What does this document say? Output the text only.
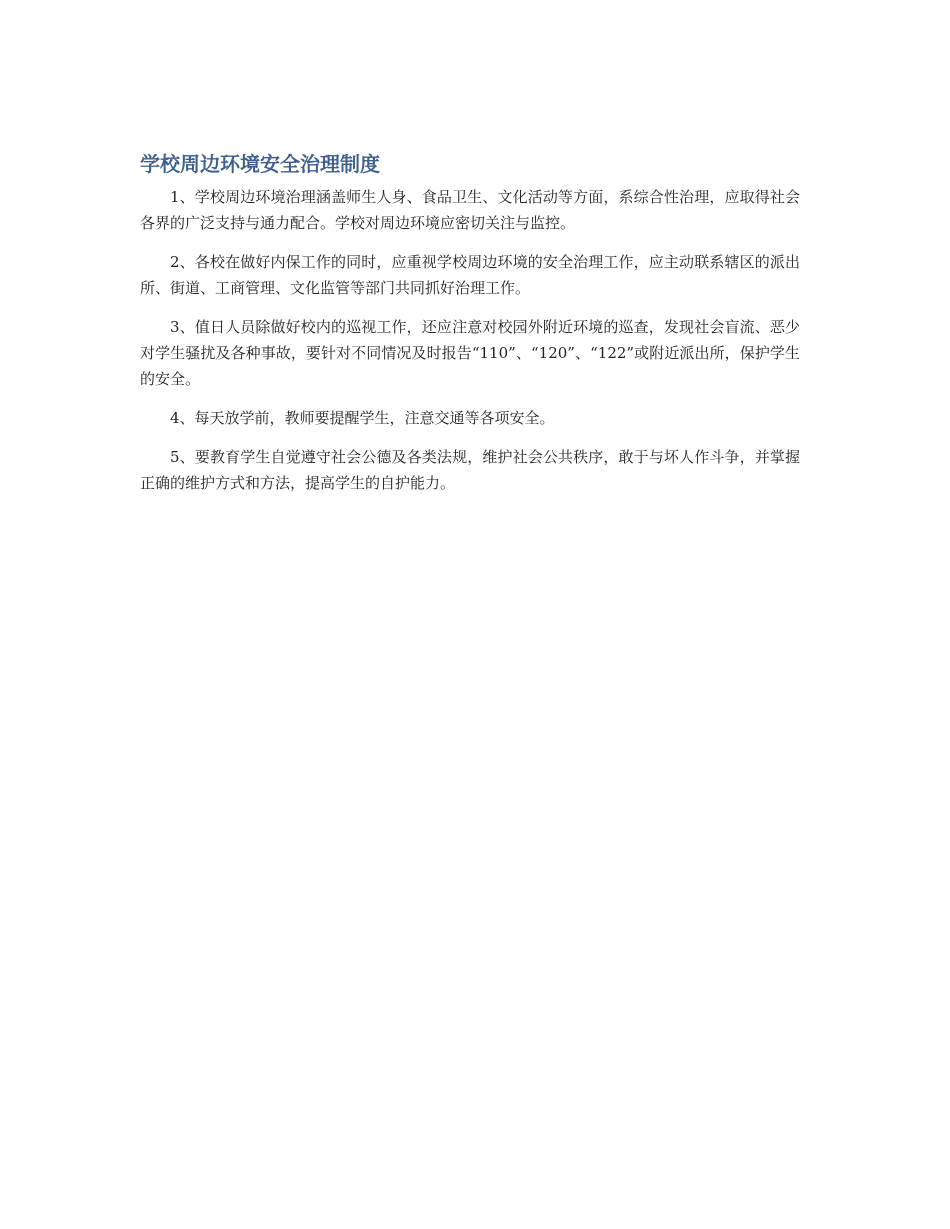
学校周边环境安全治理制度

1、学校周边环境治理涵盖师生人身、食品卫生、文化活动等方面，系综合性治理，应取得社会各界的广泛支持与通力配合。学校对周边环境应密切关注与监控。

2、各校在做好内保工作的同时，应重视学校周边环境的安全治理工作，应主动联系辖区的派出所、街道、工商管理、文化监管等部门共同抓好治理工作。

3、值日人员除做好校内的巡视工作，还应注意对校园外附近环境的巡查，发现社会盲流、恶少对学生骚扰及各种事故，要针对不同情况及时报告“110”、“120”、“122”或附近派出所，保护学生的安全。

4、每天放学前，教师要提醒学生，注意交通等各项安全。

5、要教育学生自觉遵守社会公德及各类法规，维护社会公共秩序，敢于与坏人作斗争，并掌握正确的维护方式和方法，提高学生的自护能力。
